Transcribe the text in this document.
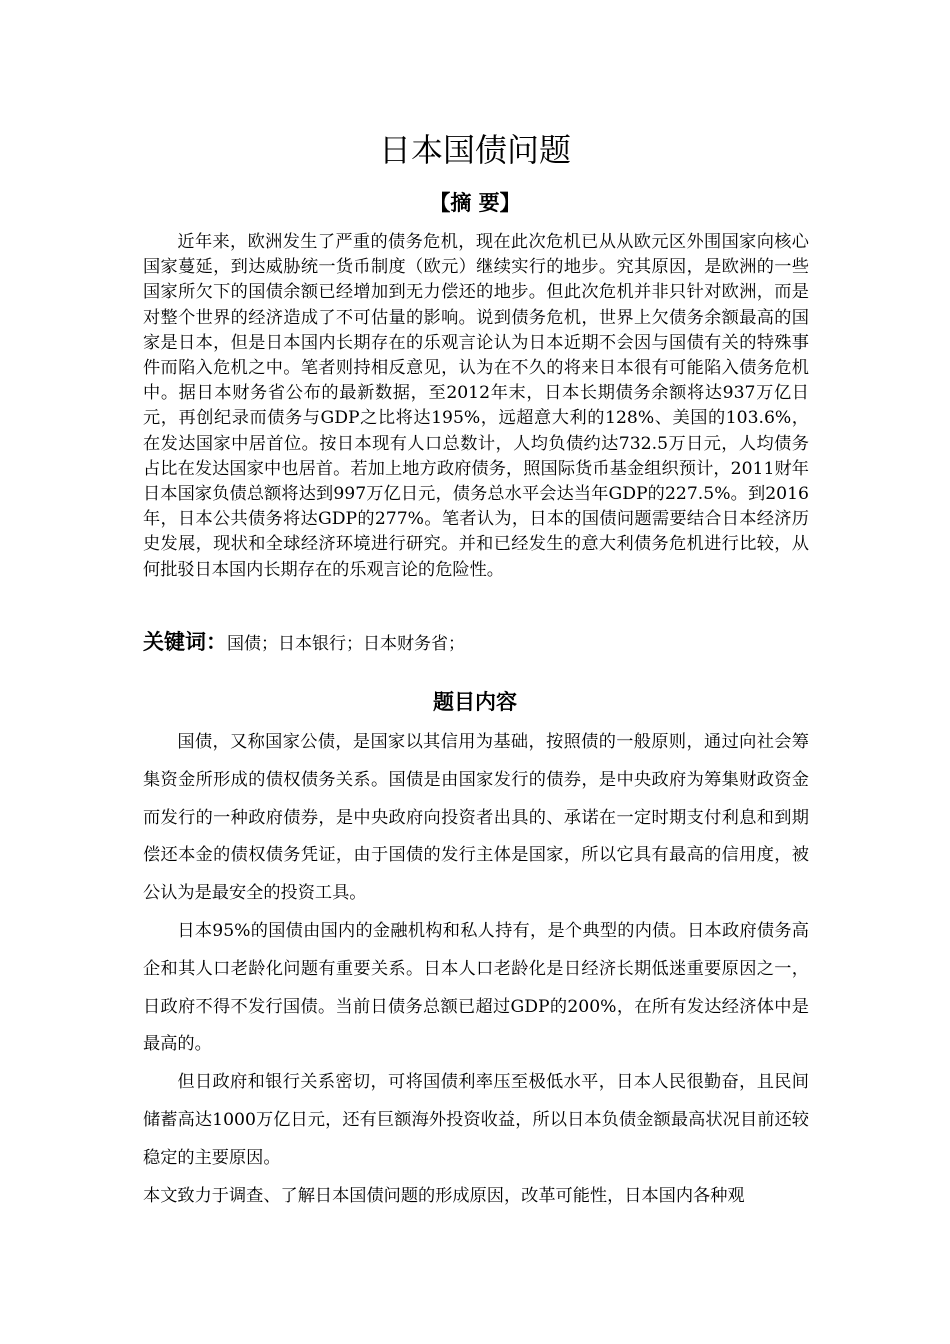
日本国债问题
【摘 要】

近年来，欧洲发生了严重的债务危机，现在此次危机已从从欧元区外围国家向核心国家蔓延，到达威胁统一货币制度（欧元）继续实行的地步。究其原因，是欧洲的一些国家所欠下的国债余额已经增加到无力偿还的地步。但此次危机并非只针对欧洲，而是对整个世界的经济造成了不可估量的影响。说到债务危机，世界上欠债务余额最高的国家是日本，但是日本国内长期存在的乐观言论认为日本近期不会因与国债有关的特殊事件而陷入危机之中。笔者则持相反意见，认为在不久的将来日本很有可能陷入债务危机中。据日本财务省公布的最新数据，至2012年末，日本长期债务余额将达937万亿日元，再创纪录而债务与GDP之比将达195%，远超意大利的128%、美国的103.6%，在发达国家中居首位。按日本现有人口总数计，人均负债约达732.5万日元，人均债务占比在发达国家中也居首。若加上地方政府债务，照国际货币基金组织预计，2011财年日本国家负债总额将达到997万亿日元，债务总水平会达当年GDP的227.5%。到2016年，日本公共债务将达GDP的277%。笔者认为，日本的国债问题需要结合日本经济历史发展，现状和全球经济环境进行研究。并和已经发生的意大利债务危机进行比较，从何批驳日本国内长期存在的乐观言论的危险性。

关键词：国债；日本银行；日本财务省；

题目内容

国债，又称国家公债，是国家以其信用为基础，按照债的一般原则，通过向社会筹集资金所形成的债权债务关系。国债是由国家发行的债券，是中央政府为筹集财政资金而发行的一种政府债券，是中央政府向投资者出具的、承诺在一定时期支付利息和到期偿还本金的债权债务凭证，由于国债的发行主体是国家，所以它具有最高的信用度，被公认为是最安全的投资工具。

日本95%的国债由国内的金融机构和私人持有，是个典型的内债。日本政府债务高企和其人口老龄化问题有重要关系。日本人口老龄化是日经济长期低迷重要原因之一，日政府不得不发行国债。当前日债务总额已超过GDP的200%，在所有发达经济体中是最高的。

但日政府和银行关系密切，可将国债利率压至极低水平，日本人民很勤奋，且民间储蓄高达1000万亿日元，还有巨额海外投资收益，所以日本负债金额最高状况目前还较稳定的主要原因。

本文致力于调查、了解日本国债问题的形成原因，改革可能性，日本国内各种观
